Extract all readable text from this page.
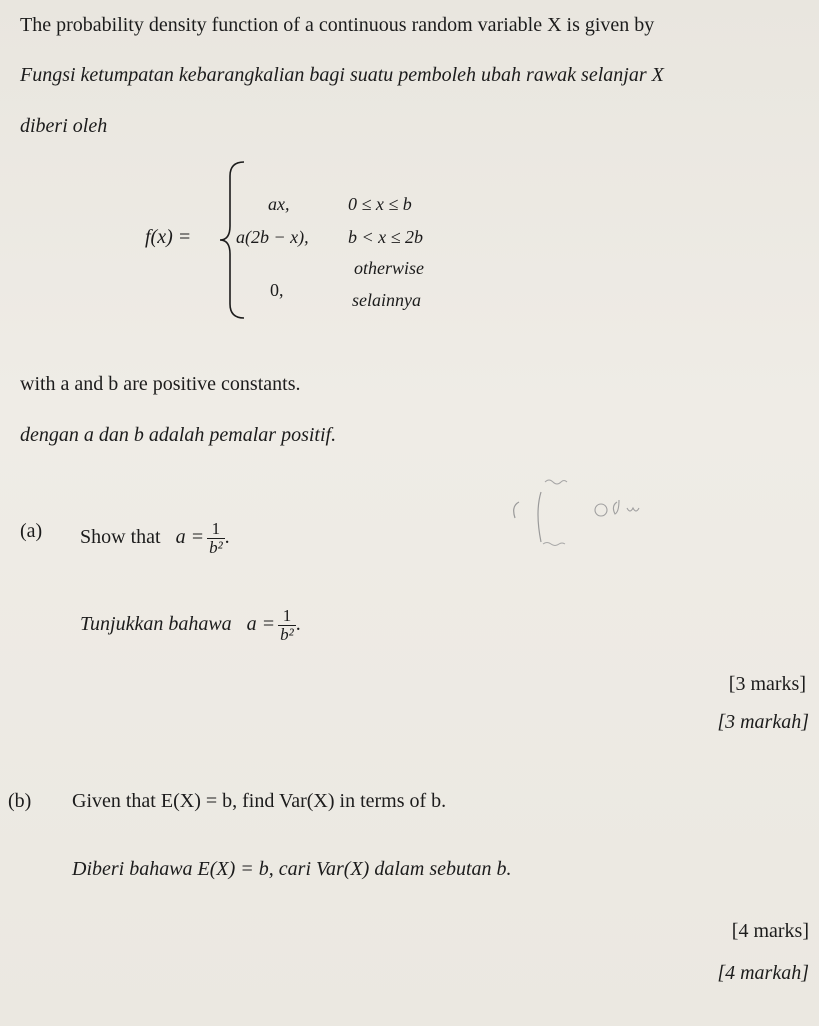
The probability density function of a continuous random variable X is given by
Fungsi ketumpatan kebarangkalian bagi suatu pemboleh ubah rawak selanjar X
diberi oleh
f(x) =
ax,	0 ≤ x ≤ b
a(2b − x), b < x ≤ 2b
0,
otherwise
selainnya
with a and b are positive constants.
dengan a dan b adalah pemalar positif.
(a) Show that $a = \frac{1}{\text{b²}}$ .
Tunjukkan bahawa $a = \frac{1}{\text{b²}}$ .
[3 marks]
[3 markah]
(b) Given that E(X) = b, find Var(X) in terms of b.
Diberi bahawa E(X) = b, cari Var(X) dalam sebutan b.
[4 marks]
[4 markah]
